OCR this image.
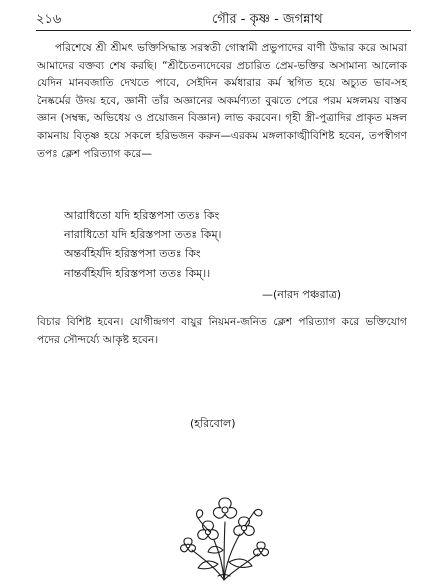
২১৬	গৌর - কৃষ্ণ - জগন্নাথ

পরিশেষে শ্রী শ্রীমৎ ভক্তিসিদ্ধান্ত সরস্বতী গোস্বামী প্রভুপাদের বাণী উদ্ধার করে আমরা আমাদের বক্তব্য শেষ করছি। “শ্রীচৈতন্যদেবের প্রচারিত প্রেম-ভক্তির অসামান্য আলোক যেদিন মানবজাতি দেখতে পাবে, সেইদিন কর্মধারার কর্ম স্থগিত হয়ে অচ্যুত ভাব-সহ নৈষ্কর্মের উদয় হবে, জ্ঞানী তাঁর অজ্ঞানের অকর্মণ্যতা বুঝতে পেরে পরম মঙ্গলময় বাস্তব জ্ঞান (সম্বন্ধ, অভিধেয় ও প্রয়োজন বিজ্ঞান) লাভ করবেন। গৃহী স্ত্রী-পুত্রাদির প্রাকৃত মঙ্গল কামনায় বিতৃষ্ণ হয়ে সকলে হরিভজন করুন—এরকম মঙ্গলাকাঙ্খীবিশিষ্ট হবেন, তপস্বীগণ তপঃ ক্লেশ পরিত্যাগ করে—

আরাধিতো যদি হরিস্তপসা ততঃ কিং
নারাধিতো যদি হরিস্তপসা ততঃ কিম্।
অন্তর্বহির্যদি হরিস্তপসা ততঃ কিং
নান্তর্বহির্যদি হরিস্তপসা ততঃ কিম্।।
—(নারদ পঞ্চরাত্র)

বিচার বিশিষ্ট হবেন। যোগীন্দ্রগণ বায়ুর নিয়মন-জনিত ক্লেশ পরিত্যাগ করে ভক্তিযোগ পদের সৌন্দর্য্যে আকৃষ্ট হবেন।

(হরিবোল)
